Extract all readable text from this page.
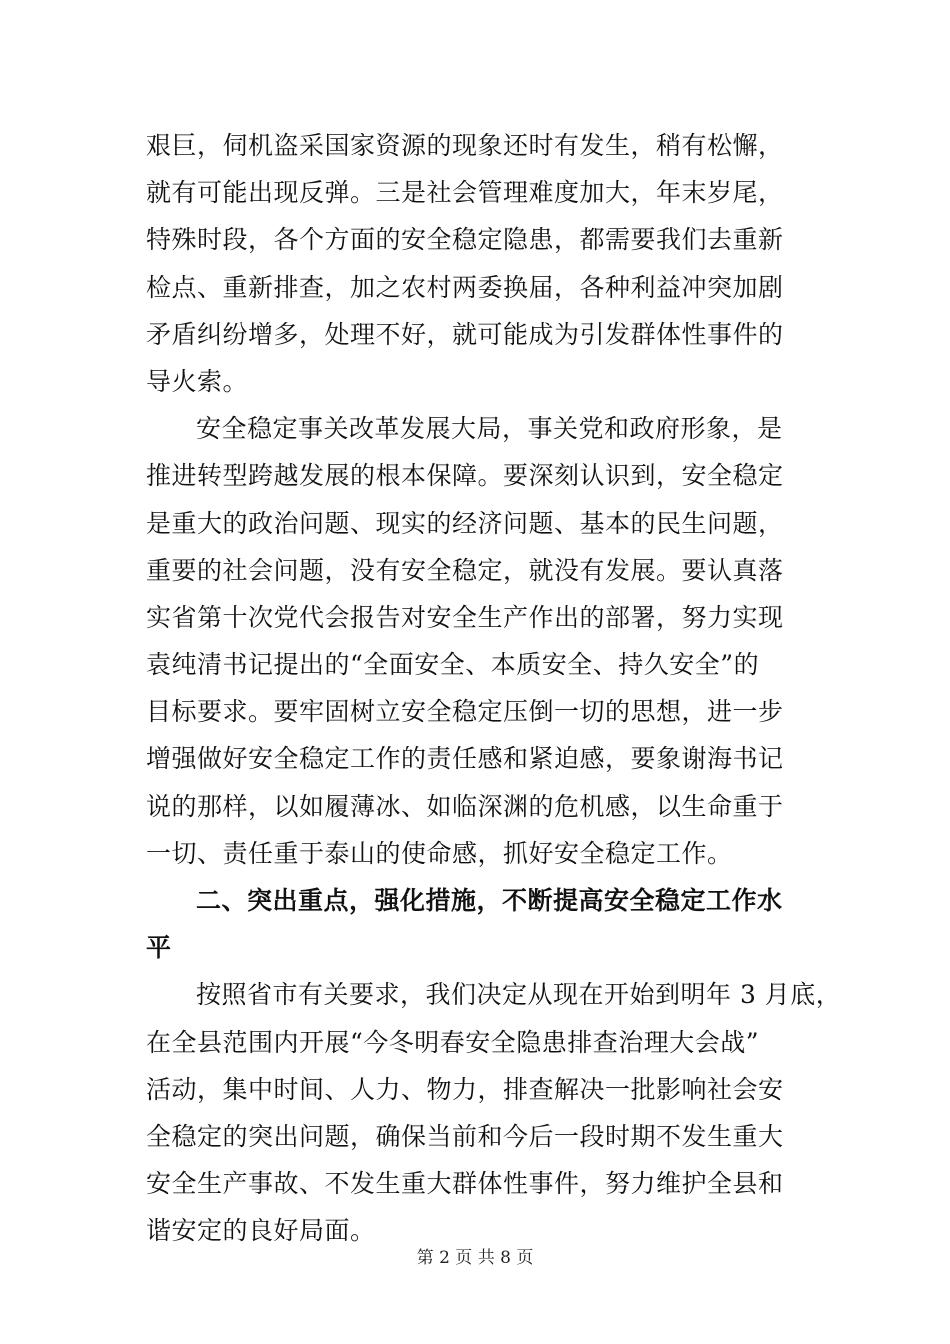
艰巨，伺机盗采国家资源的现象还时有发生，稍有松懈，
就有可能出现反弹。三是社会管理难度加大，年末岁尾，
特殊时段，各个方面的安全稳定隐患，都需要我们去重新
检点、重新排查，加之农村两委换届，各种利益冲突加剧
矛盾纠纷增多，处理不好，就可能成为引发群体性事件的
导火索。
安全稳定事关改革发展大局，事关党和政府形象，是
推进转型跨越发展的根本保障。要深刻认识到，安全稳定
是重大的政治问题、现实的经济问题、基本的民生问题，
重要的社会问题，没有安全稳定，就没有发展。要认真落
实省第十次党代会报告对安全生产作出的部署，努力实现
袁纯清书记提出的“全面安全、本质安全、持久安全”的
目标要求。要牢固树立安全稳定压倒一切的思想，进一步
增强做好安全稳定工作的责任感和紧迫感，要象谢海书记
说的那样，以如履薄冰、如临深渊的危机感，以生命重于
一切、责任重于泰山的使命感，抓好安全稳定工作。
二、突出重点，强化措施，不断提高安全稳定工作水
平
按照省市有关要求，我们决定从现在开始到明年 3 月底，
在全县范围内开展“今冬明春安全隐患排查治理大会战”
活动，集中时间、人力、物力，排查解决一批影响社会安
全稳定的突出问题，确保当前和今后一段时期不发生重大
安全生产事故、不发生重大群体性事件，努力维护全县和
谐安定的良好局面。
第 2 页 共 8 页
